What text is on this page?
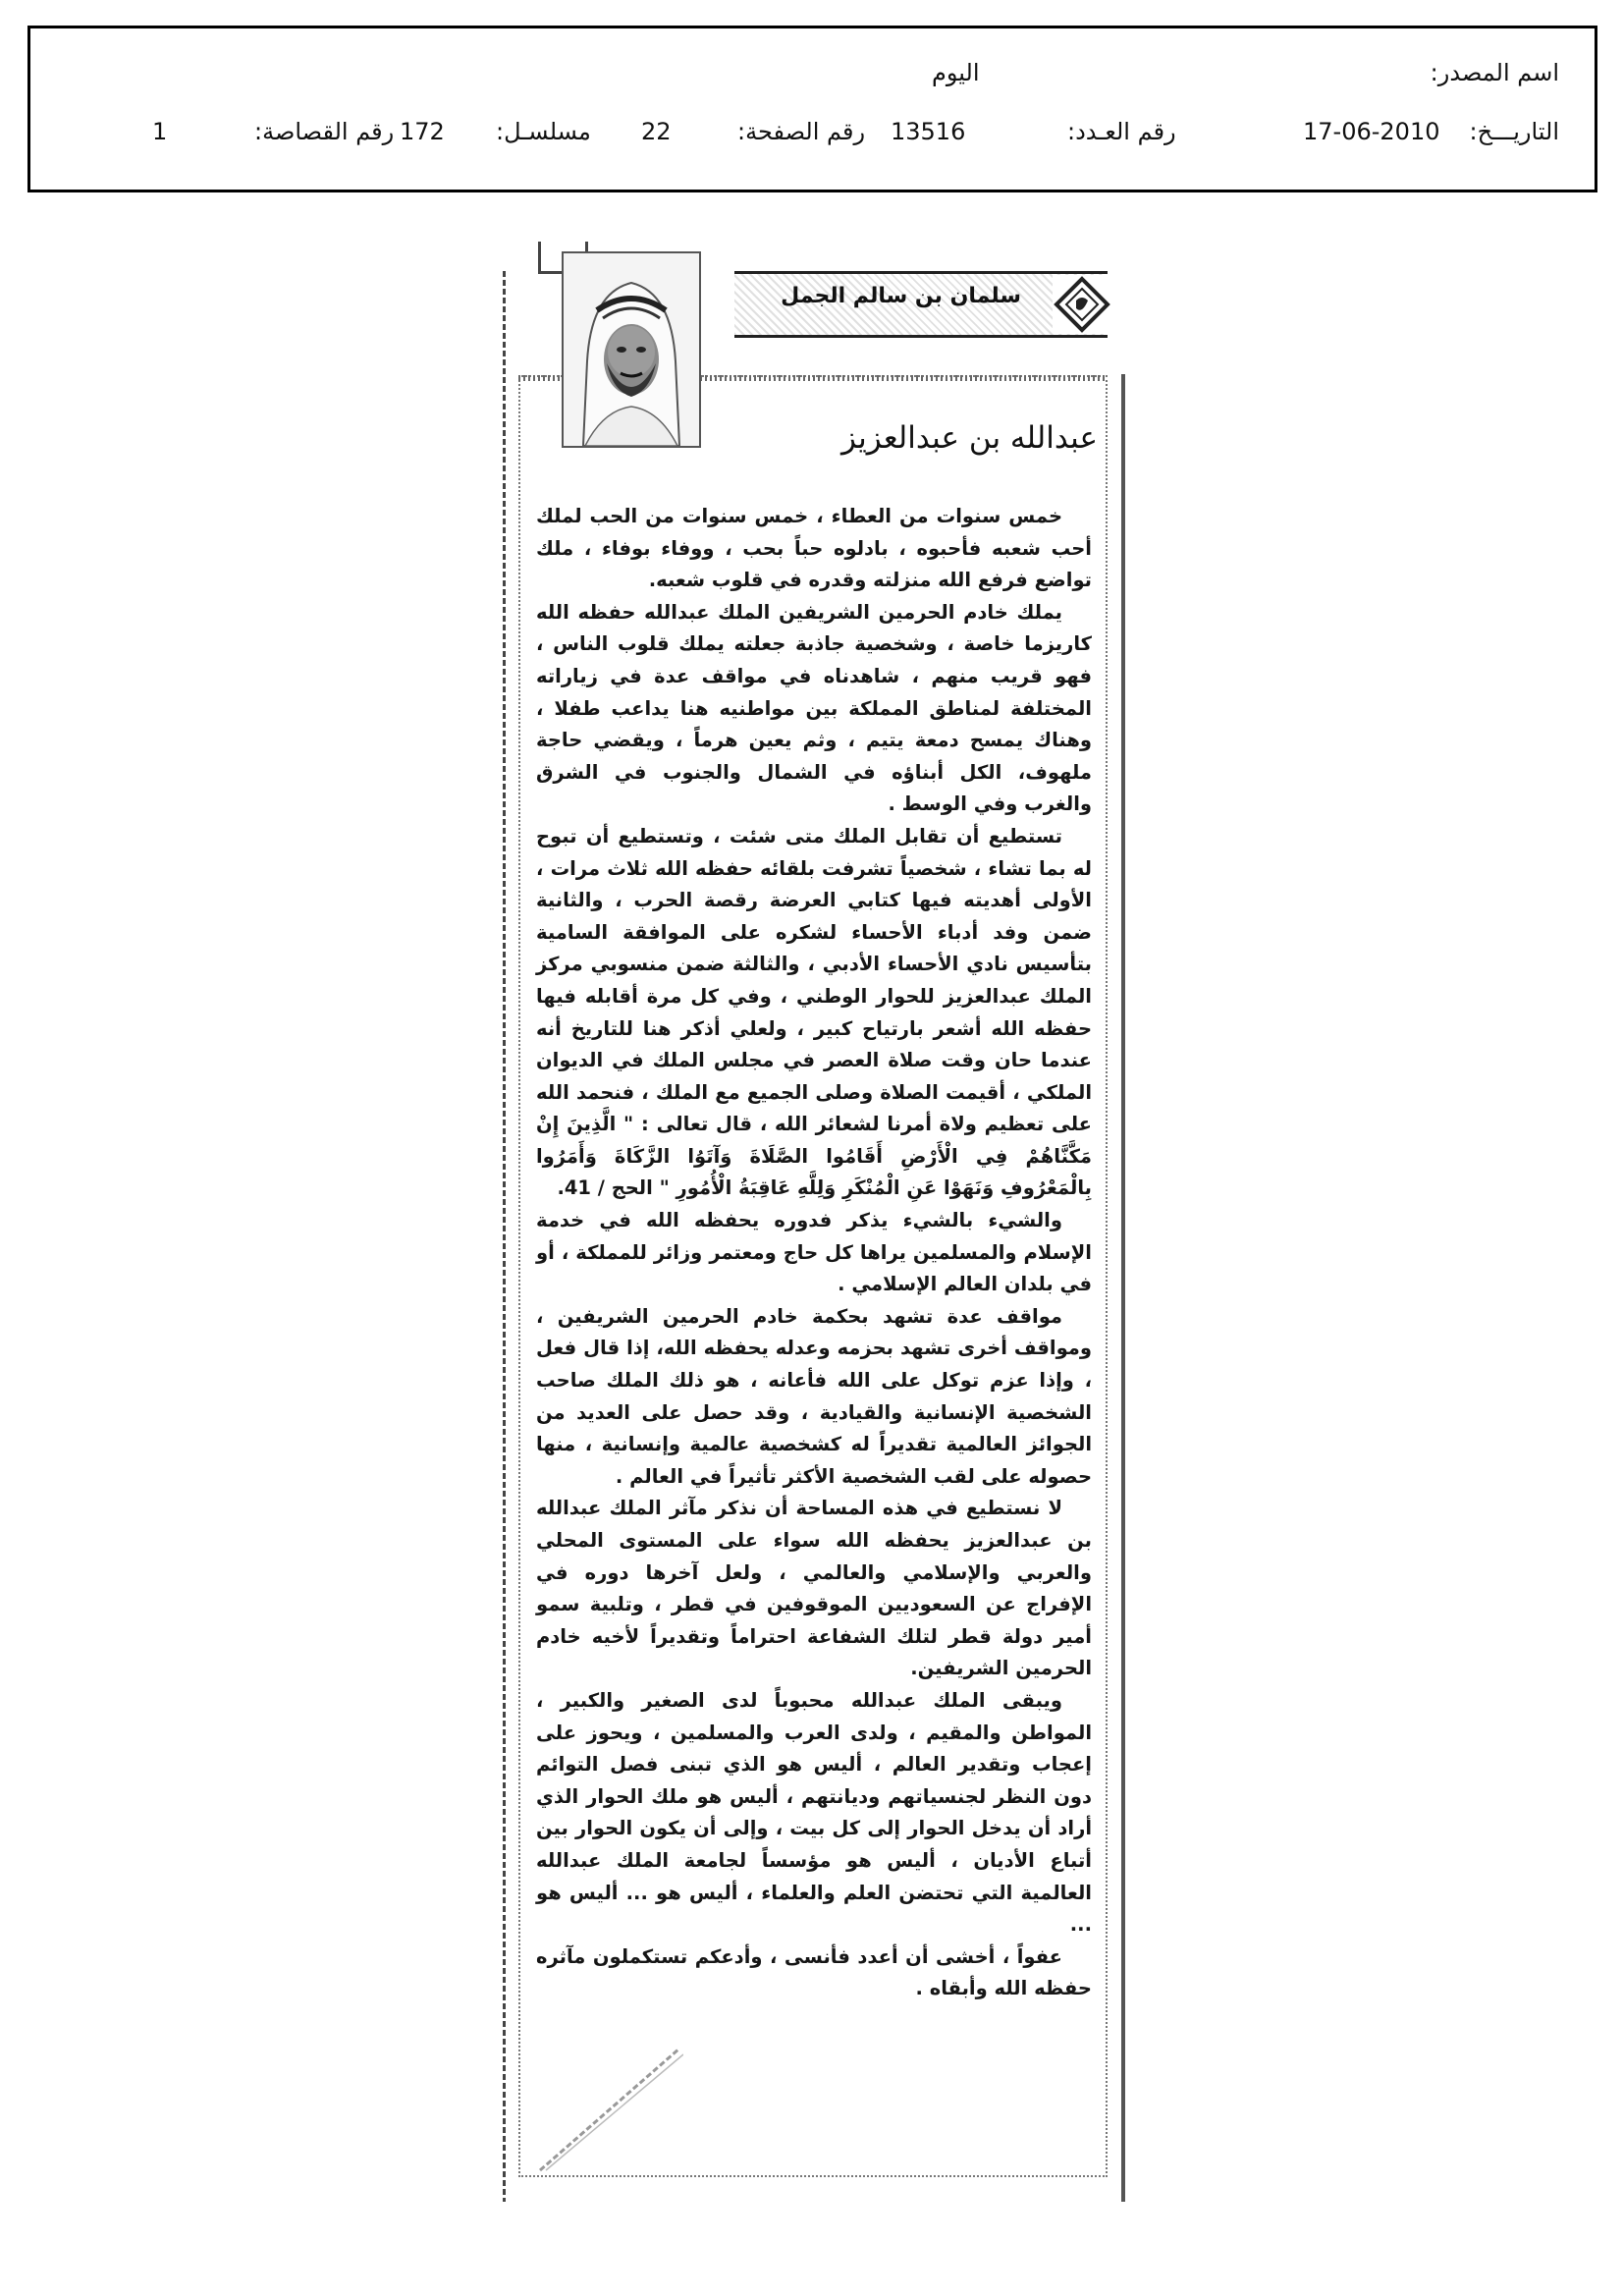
اسم المصدر:
اليوم
التاريـــخ:
17-06-2010
رقم العـدد:
13516
رقم الصفحة:
22
مسلسـل:
172
رقم القصاصة:
1
سلمان بن سالم الجمل
عبدالله بن عبدالعزيز

خمس سنوات من العطاء ، خمس سنوات من الحب لملك أحب شعبه فأحبوه ، بادلوه حباً بحب ، ووفاء بوفاء ، ملك تواضع فرفع الله منزلته وقدره في قلوب شعبه.

يملك خادم الحرمين الشريفين الملك عبدالله حفظه الله كاريزما خاصة ، وشخصية جاذبة جعلته يملك قلوب الناس ، فهو قريب منهم ، شاهدناه في مواقف عدة في زياراته المختلفة لمناطق المملكة بين مواطنيه هنا يداعب طفلا ، وهناك يمسح دمعة يتيم ، وثم يعين هرماً ، ويقضي حاجة ملهوف، الكل أبناؤه في الشمال والجنوب في الشرق والغرب وفي الوسط .

تستطيع أن تقابل الملك متى شئت ، وتستطيع أن تبوح له بما تشاء ، شخصياً تشرفت بلقائه حفظه الله ثلاث مرات ، الأولى أهديته فيها كتابي العرضة رقصة الحرب ، والثانية ضمن وفد أدباء الأحساء لشكره على الموافقة السامية بتأسيس نادي الأحساء الأدبي ، والثالثة ضمن منسوبي مركز الملك عبدالعزيز للحوار الوطني ، وفي كل مرة أقابله فيها حفظه الله أشعر بارتياح كبير ، ولعلي أذكر هنا للتاريخ أنه عندما حان وقت صلاة العصر في مجلس الملك في الديوان الملكي ، أقيمت الصلاة وصلى الجميع مع الملك ، فنحمد الله على تعظيم ولاة أمرنا لشعائر الله ، قال تعالى : " الَّذِينَ إِنْ مَكَّنَّاهُمْ فِي الْأَرْضِ أَقَامُوا الصَّلَاةَ وَآتَوُا الزَّكَاةَ وَأَمَرُوا بِالْمَعْرُوفِ وَنَهَوْا عَنِ الْمُنْكَرِ وَلِلَّهِ عَاقِبَةُ الْأُمُورِ " الحج / 41.

والشيء بالشيء يذكر فدوره يحفظه الله في خدمة الإسلام والمسلمين يراها كل حاج ومعتمر وزائر للمملكة ، أو في بلدان العالم الإسلامي .

مواقف عدة تشهد بحكمة خادم الحرمين الشريفين ، ومواقف أخرى تشهد بحزمه وعدله يحفظه الله، إذا قال فعل ، وإذا عزم توكل على الله فأعانه ، هو ذلك الملك صاحب الشخصية الإنسانية والقيادية ، وقد حصل على العديد من الجوائز العالمية تقديراً له كشخصية عالمية وإنسانية ، منها حصوله على لقب الشخصية الأكثر تأثيراً في العالم .

لا نستطيع في هذه المساحة أن نذكر مآثر الملك عبدالله بن عبدالعزيز يحفظه الله سواء على المستوى المحلي والعربي والإسلامي والعالمي ، ولعل آخرها دوره في الإفراج عن السعوديين الموقوفين في قطر ، وتلبية سمو أمير دولة قطر لتلك الشفاعة احتراماً وتقديراً لأخيه خادم الحرمين الشريفين.

ويبقى الملك عبدالله محبوباً لدى الصغير والكبير ، المواطن والمقيم ، ولدى العرب والمسلمين ، ويحوز على إعجاب وتقدير العالم ، أليس هو الذي تبنى فصل التوائم دون النظر لجنسياتهم وديانتهم ، أليس هو ملك الحوار الذي أراد أن يدخل الحوار إلى كل بيت ، وإلى أن يكون الحوار بين أتباع الأديان ، أليس هو مؤسساً لجامعة الملك عبدالله العالمية التي تحتضن العلم والعلماء ، أليس هو ... أليس هو ...

عفواً ، أخشى أن أعدد فأنسى ، وأدعكم تستكملون مآثره حفظه الله وأبقاه .
